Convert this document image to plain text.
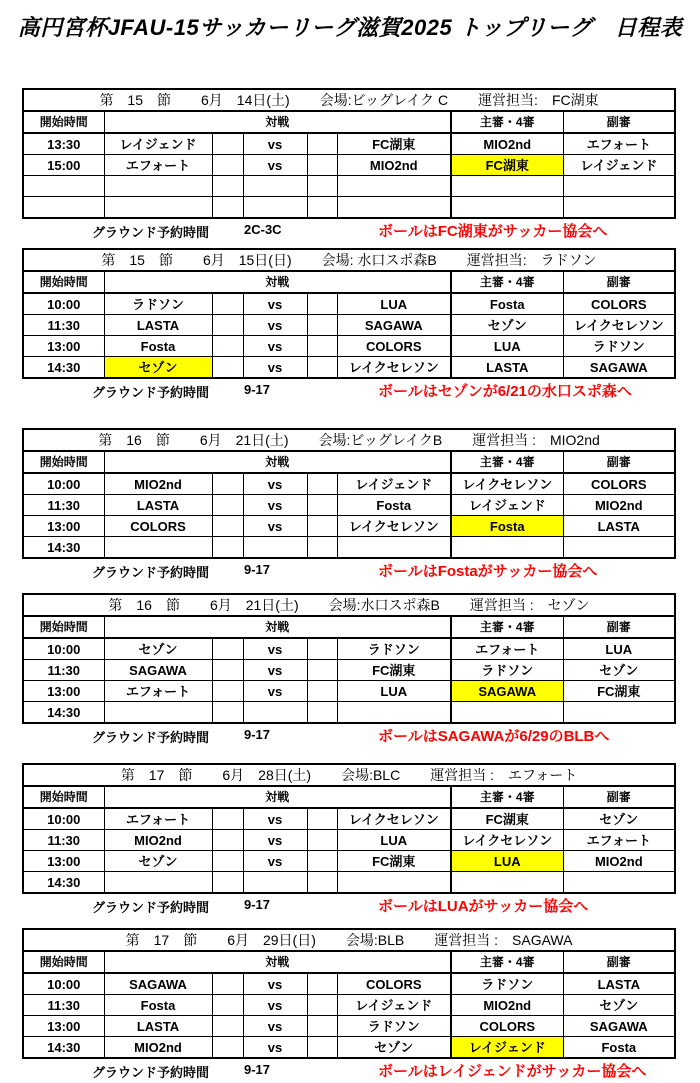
高円宮杯JFAU-15サッカーリーグ滋賀2025 トップリーグ　日程表
第　15　節 6月　14日(土) 会場:ビッグレイク C 運営担当:　FC湖東							

開始時間	対戦					主審・4審	副審
13:30	レイジェンド		vs		FC湖東	MIO2nd	エフォート
15:00	エフォート		vs		MIO2nd	FC湖東	レイジェンド

グラウンド予約時間	2C-3C	ボールはFC湖東がサッカー協会へ
第　15　節 6月　15日(日) 会場: 水口スポ森B 運営担当:　ラドソン							

開始時間	対戦					主審・4審	副審
10:00	ラドソン		vs		LUA	Fosta	COLORS
11:30	LASTA		vs		SAGAWA	セゾン	レイクセレソン
13:00	Fosta		vs		COLORS	LUA	ラドソン
14:30	セゾン		vs		レイクセレソン	LASTA	SAGAWA
グラウンド予約時間	9-17	ボールはセゾンが6/21の水口スポ森へ
第　16　節 6月　21日(土) 会場:ビッグレイクB 運営担当 :　MIO2nd							

開始時間	対戦					主審・4審	副審
10:00	MIO2nd		vs		レイジェンド	レイクセレソン	COLORS
11:30	LASTA		vs		Fosta	レイジェンド	MIO2nd
13:00	COLORS		vs		レイクセレソン	Fosta	LASTA
14:30							
グラウンド予約時間	9-17	ボールはFostaがサッカー協会へ
第　16　節 6月　21日(土) 会場:水口スポ森B 運営担当 :　セゾン							

開始時間	対戦					主審・4審	副審
10:00	セゾン		vs		ラドソン	エフォート	LUA
11:30	SAGAWA		vs		FC湖東	ラドソン	セゾン
13:00	エフォート		vs		LUA	SAGAWA	FC湖東
14:30							
グラウンド予約時間	9-17	ボールはSAGAWAが6/29のBLBへ
第　17　節 6月　28日(土) 会場:BLC 運営担当 :　エフォート							

開始時間	対戦					主審・4審	副審
10:00	エフォート		vs		レイクセレソン	FC湖東	セゾン
11:30	MIO2nd		vs		LUA	レイクセレソン	エフォート
13:00	セゾン		vs		FC湖東	LUA	MIO2nd
14:30							
グラウンド予約時間	9-17	ボールはLUAがサッカー協会へ
第　17　節 6月　29日(日) 会場:BLB 運営担当 :　SAGAWA							

開始時間	対戦					主審・4審	副審
10:00	SAGAWA		vs		COLORS	ラドソン	LASTA
11:30	Fosta		vs		レイジェンド	MIO2nd	セゾン
13:00	LASTA		vs		ラドソン	COLORS	SAGAWA
14:30	MIO2nd		vs		セゾン	レイジェンド	Fosta
グラウンド予約時間	9-17	ボールはレイジェンドがサッカー協会へ
